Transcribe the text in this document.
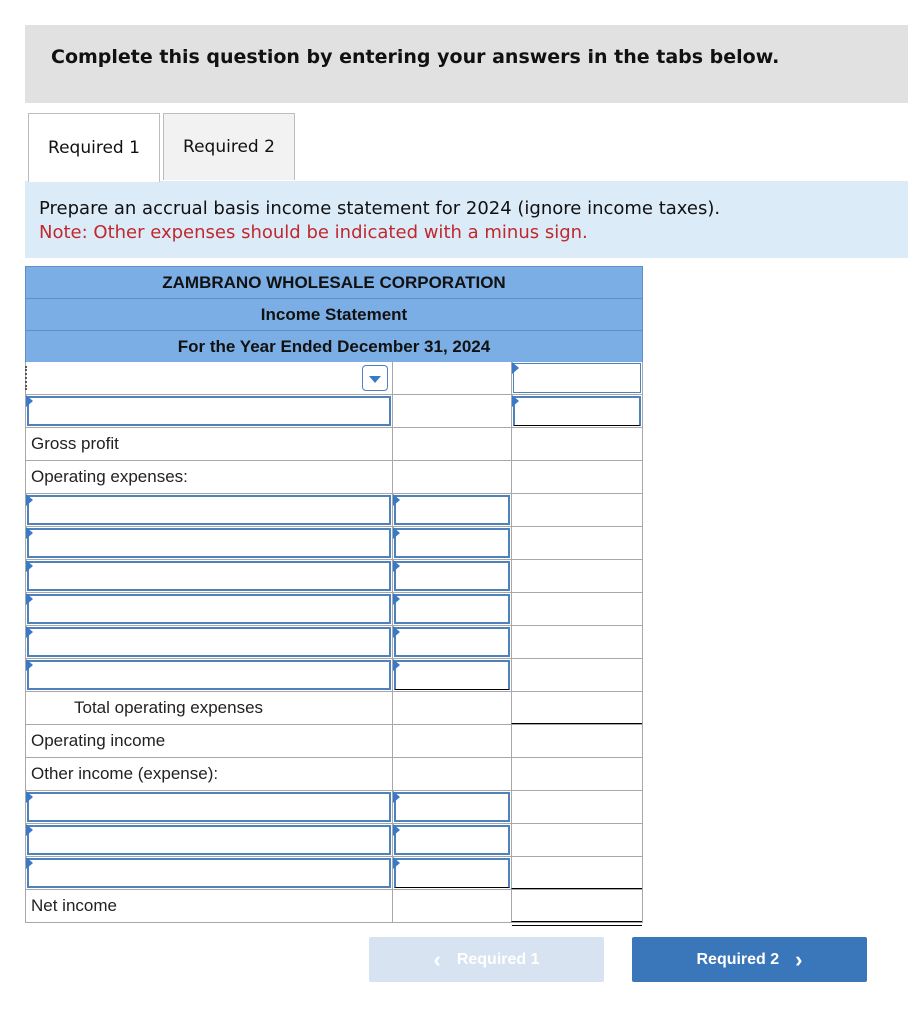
Complete this question by entering your answers in the tabs below.
Required 1	Required 2
Prepare an accrual basis income statement for 2024 (ignore income taxes).
Note: Other expenses should be indicated with a minus sign.
ZAMBRANO WHOLESALE CORPORATION
Income Statement
For the Year Ended December 31, 2024
Gross profit
Operating expenses:
Total operating expenses
Operating income
Other income (expense):
Net income
‹ Required 1	Required 2 ›
